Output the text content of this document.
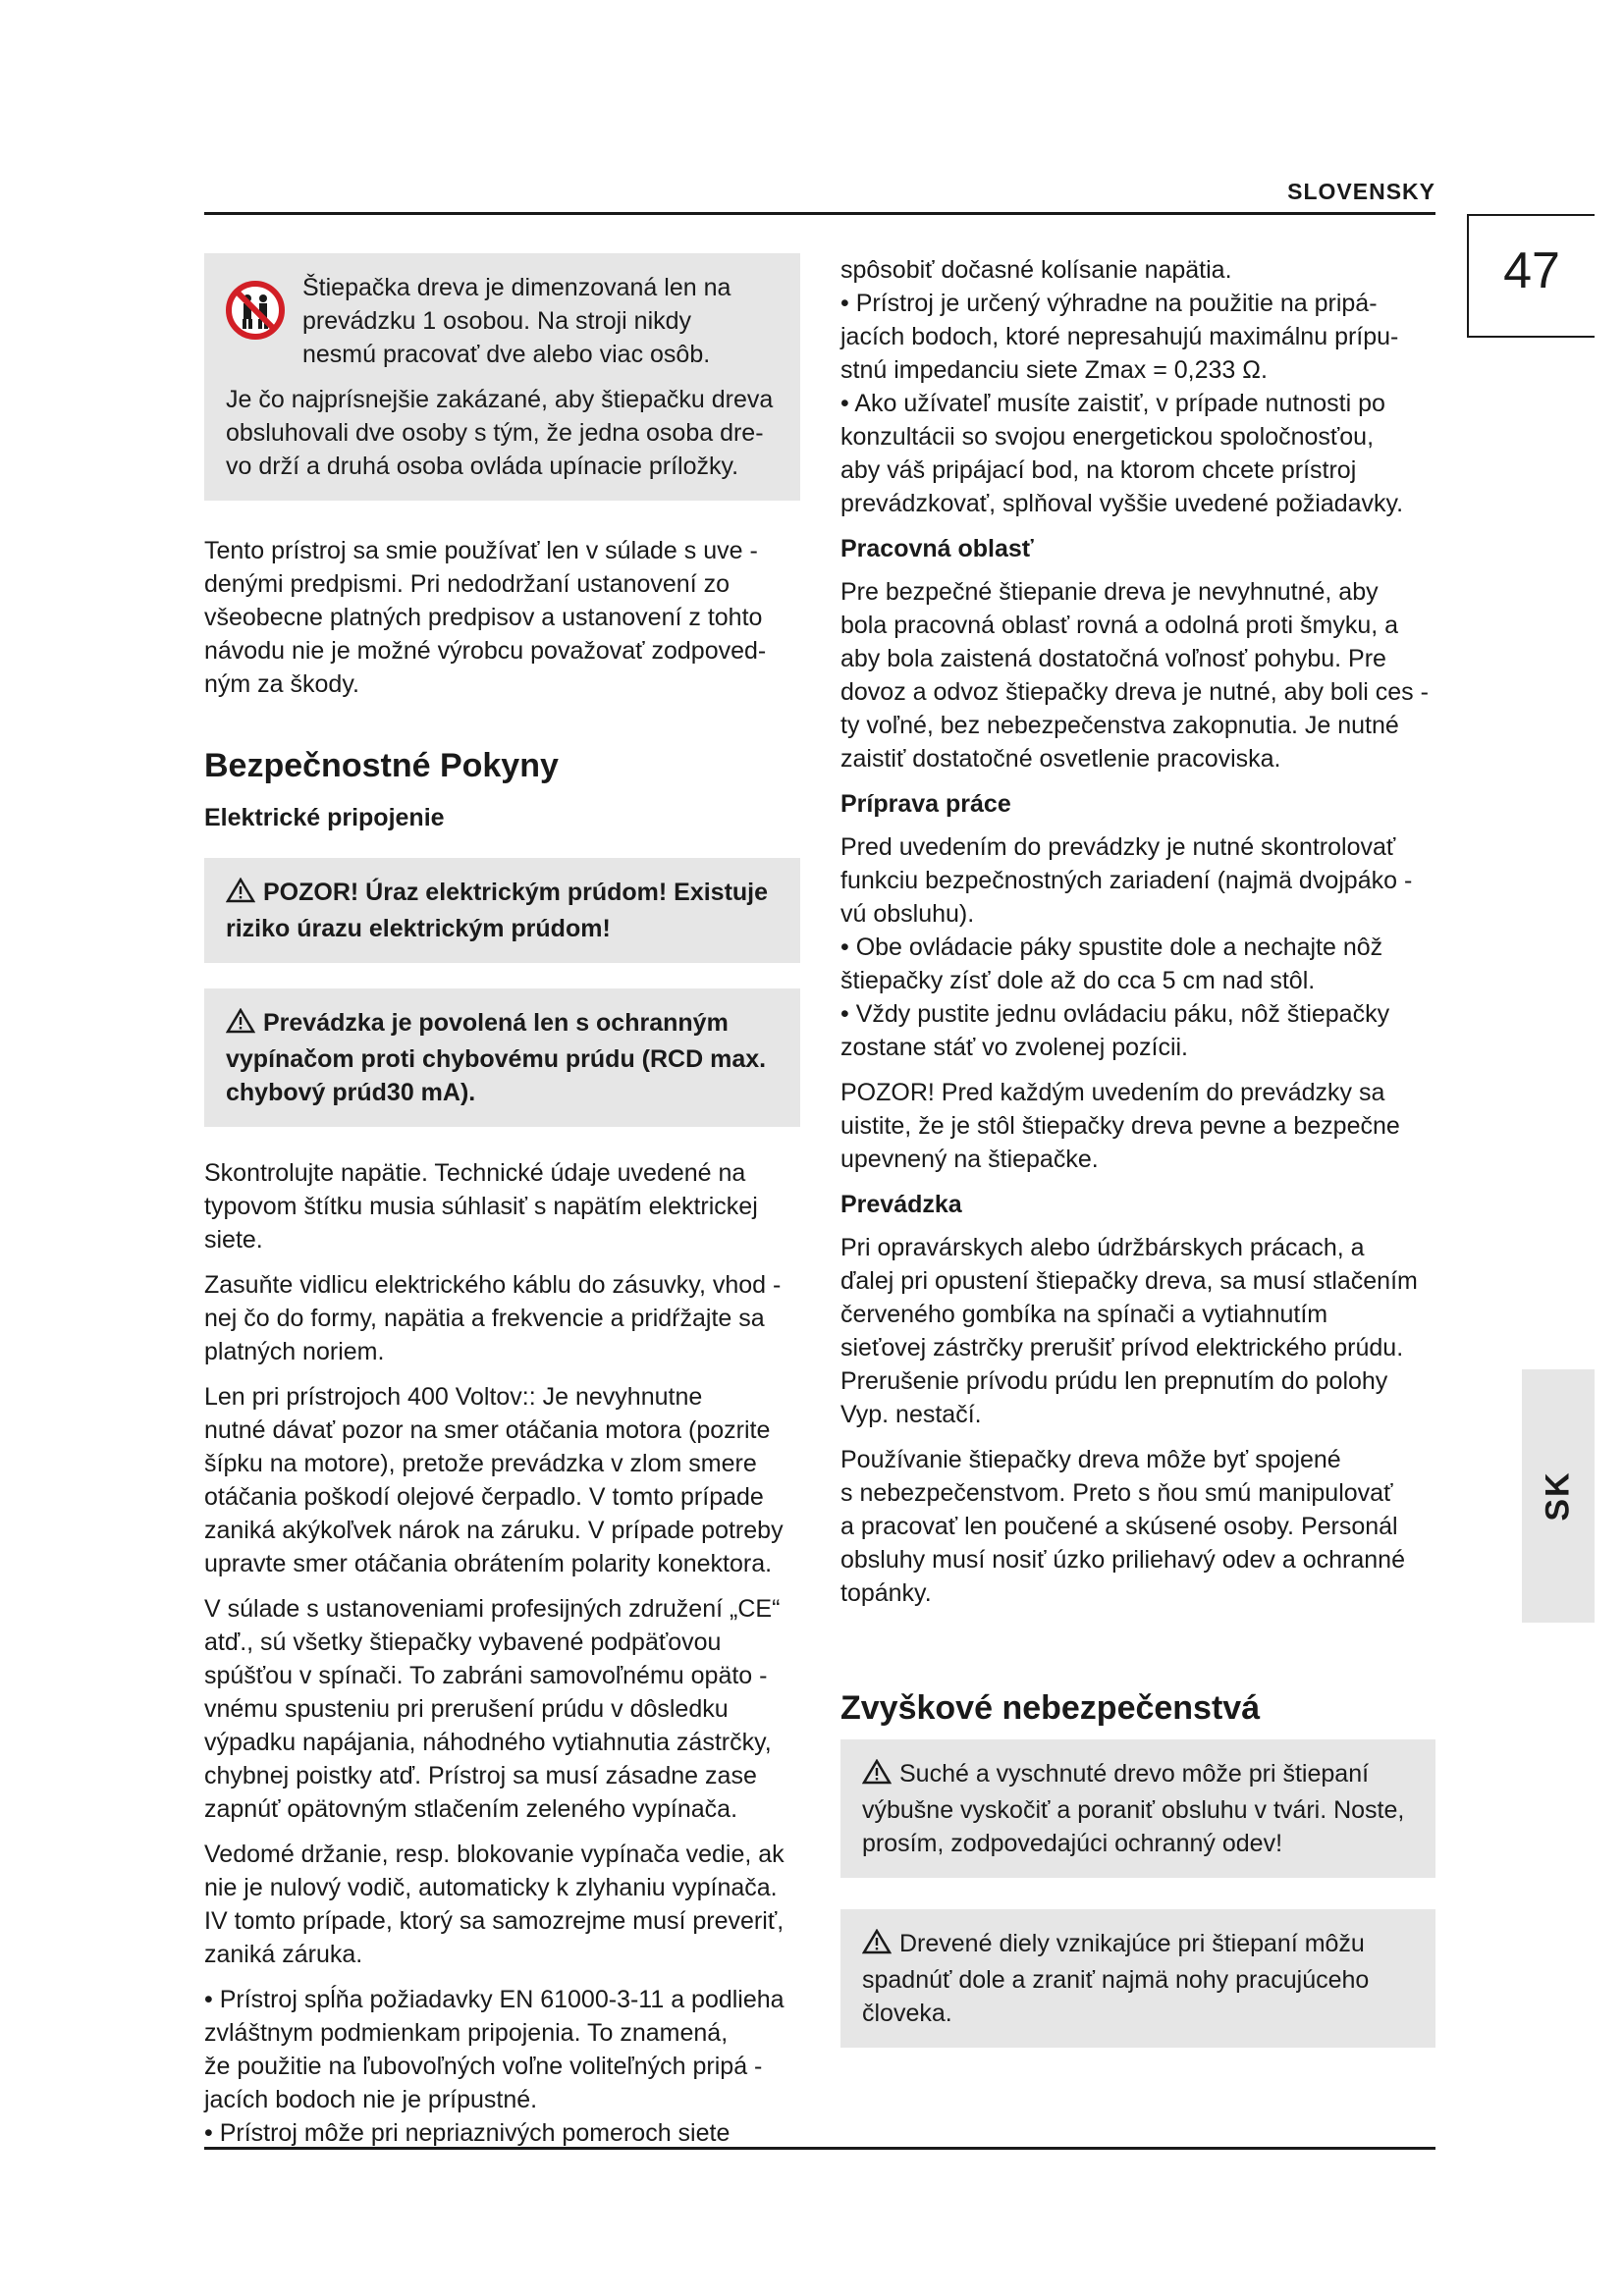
SLOVENSKY
47
SK
Štiepačka dreva je dimenzovaná len na
prevádzku 1 osobou. Na stroji nikdy
nesmú pracovať dve alebo viac osôb.
Je čo najprísnejšie zakázané, aby štiepačku dreva
obsluhovali dve osoby s tým, že jedna osoba dre-
vo drží a druhá osoba ovláda upínacie príložky.

Tento prístroj sa smie používať len v súlade s uve -
denými predpismi. Pri nedodržaní ustanovení zo
všeobecne platných predpisov a ustanovení z tohto
návodu nie je možné výrobcu považovať zodpoved-
ným za škody.

Bezpečnostné Pokyny
Elektrické pripojenie
POZOR! Úraz elektrickým prúdom! Existuje
riziko úrazu elektrickým prúdom!
Prevádzka je povolená len s ochranným
vypínačom proti chybovému prúdu (RCD max.
chybový prúd30 mA).

Skontrolujte napätie. Technické údaje uvedené na
typovom štítku musia súhlasiť s napätím elektrickej
siete.

Zasuňte vidlicu elektrického káblu do zásuvky, vhod -
nej čo do formy, napätia a frekvencie a pridŕžajte sa
platných noriem.

Len pri prístrojoch 400 Voltov:: Je nevyhnutne
nutné dávať pozor na smer otáčania motora (pozrite
šípku na motore), pretože prevádzka v zlom smere
otáčania poškodí olejové čerpadlo. V tomto prípade
zaniká akýkoľvek nárok na záruku. V prípade potreby
upravte smer otáčania obrátením polarity konektora.

V súlade s ustanoveniami profesijných združení „CE“
atď., sú všetky štiepačky vybavené podpäťovou
spúšťou v spínači. To zabráni samovoľnému opäto -
vnému spusteniu pri prerušení prúdu v dôsledku
výpadku napájania, náhodného vytiahnutia zástrčky,
chybnej poistky atď. Prístroj sa musí zásadne zase
zapnúť opätovným stlačením zeleného vypínača.

Vedomé držanie, resp. blokovanie vypínača vedie, ak
nie je nulový vodič, automaticky k zlyhaniu vypínača.
IV tomto prípade, ktorý sa samozrejme musí preveriť,
zaniká záruka.

• Prístroj spĺňa požiadavky EN 61000-3-11 a podlieha
zvláštnym podmienkam pripojenia. To znamená,
že použitie na ľubovoľných voľne voliteľných pripá -
jacích bodoch nie je prípustné.
• Prístroj môže pri nepriaznivých pomeroch siete

spôsobiť dočasné kolísanie napätia.
• Prístroj je určený výhradne na použitie na pripá-
jacích bodoch, ktoré nepresahujú maximálnu prípu-
stnú impedanciu siete Zmax = 0,233 Ω.
• Ako užívateľ musíte zaistiť, v prípade nutnosti po
konzultácii so svojou energetickou spoločnosťou,
aby váš pripájací bod, na ktorom chcete prístroj
prevádzkovať, splňoval vyššie uvedené požiadavky.

Pracovná oblasť

Pre bezpečné štiepanie dreva je nevyhnutné, aby
bola pracovná oblasť rovná a odolná proti šmyku, a
aby bola zaistená dostatočná voľnosť pohybu. Pre
dovoz a odvoz štiepačky dreva je nutné, aby boli ces -
ty voľné, bez nebezpečenstva zakopnutia. Je nutné
zaistiť dostatočné osvetlenie pracoviska.

Príprava práce

Pred uvedením do prevádzky je nutné skontrolovať
funkciu bezpečnostných zariadení (najmä dvojpáko -
vú obsluhu).
• Obe ovládacie páky spustite dole a nechajte nôž
štiepačky zísť dole až do cca 5 cm nad stôl.
• Vždy pustite jednu ovládaciu páku, nôž štiepačky
zostane stáť vo zvolenej pozícii.

POZOR! Pred každým uvedením do prevádzky sa
uistite, že je stôl štiepačky dreva pevne a bezpečne
upevnený na štiepačke.

Prevádzka

Pri opravárskych alebo údržbárskych prácach, a
ďalej pri opustení štiepačky dreva, sa musí stlačením
červeného gombíka na spínači a vytiahnutím
sieťovej zástrčky prerušiť prívod elektrického prúdu.
Prerušenie prívodu prúdu len prepnutím do polohy
Vyp. nestačí.

Používanie štiepačky dreva môže byť spojené
s nebezpečenstvom. Preto s ňou smú manipulovať
a pracovať len poučené a skúsené osoby. Personál
obsluhy musí nosiť úzko priliehavý odev a ochranné
topánky.

Zvyškové nebezpečenstvá
Suché a vyschnuté drevo môže pri štiepaní
výbušne vyskočiť a poraniť obsluhu v tvári. Noste,
prosím, zodpovedajúci ochranný odev!
Drevené diely vznikajúce pri štiepaní môžu
spadnúť dole a zraniť najmä nohy pracujúceho
človeka.
